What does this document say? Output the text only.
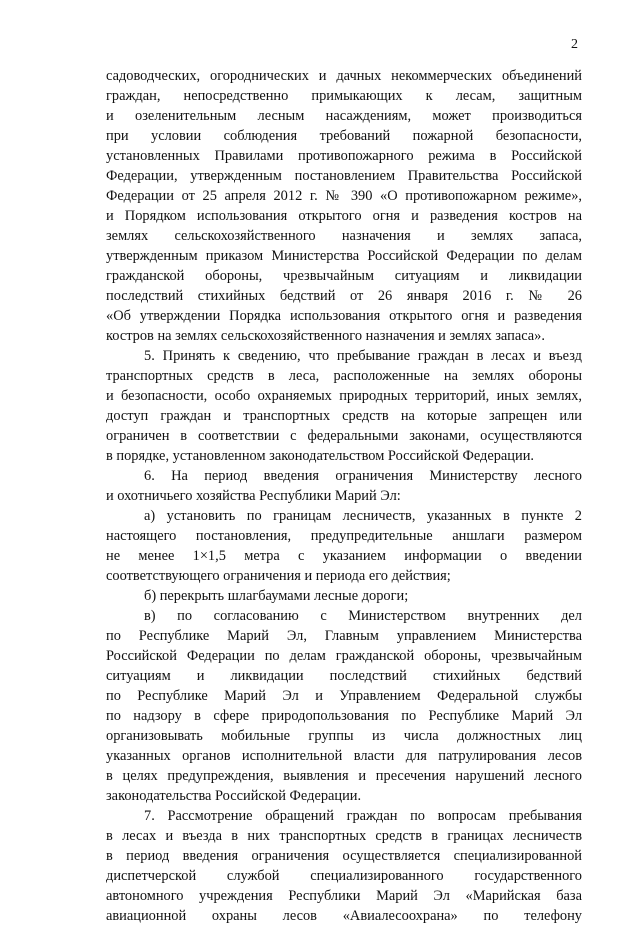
2
садоводческих, огороднических и дачных некоммерческих объединений
граждан, непосредственно примыкающих к лесам, защитным
и озеленительным лесным насаждениям, может производиться
при условии соблюдения требований пожарной безопасности,
установленных Правилами противопожарного режима в Российской
Федерации, утвержденным постановлением Правительства Российской
Федерации от 25 апреля 2012 г. № 390 «О противопожарном режиме»,
и Порядком использования открытого огня и разведения костров на
землях сельскохозяйственного назначения и землях запаса,
утвержденным приказом Министерства Российской Федерации по делам
гражданской обороны, чрезвычайным ситуациям и ликвидации
последствий стихийных бедствий от 26 января 2016 г. № 26
«Об утверждении Порядка использования открытого огня и разведения
костров на землях сельскохозяйственного назначения и землях запаса».
5. Принять к сведению, что пребывание граждан в лесах и въезд
транспортных средств в леса, расположенные на землях обороны
и безопасности, особо охраняемых природных территорий, иных землях,
доступ граждан и транспортных средств на которые запрещен или
ограничен в соответствии с федеральными законами, осуществляются
в порядке, установленном законодательством Российской Федерации.
6. На период введения ограничения Министерству лесного
и охотничьего хозяйства Республики Марий Эл:
а) установить по границам лесничеств, указанных в пункте 2
настоящего постановления, предупредительные аншлаги размером
не менее 1×1,5 метра с указанием информации о введении
соответствующего ограничения и периода его действия;
б) перекрыть шлагбаумами лесные дороги;
в) по согласованию с Министерством внутренних дел
по Республике Марий Эл, Главным управлением Министерства
Российской Федерации по делам гражданской обороны, чрезвычайным
ситуациям и ликвидации последствий стихийных бедствий
по Республике Марий Эл и Управлением Федеральной службы
по надзору в сфере природопользования по Республике Марий Эл
организовывать мобильные группы из числа должностных лиц
указанных органов исполнительной власти для патрулирования лесов
в целях предупреждения, выявления и пресечения нарушений лесного
законодательства Российской Федерации.
7. Рассмотрение обращений граждан по вопросам пребывания
в лесах и въезда в них транспортных средств в границах лесничеств
в период введения ограничения осуществляется специализированной
диспетчерской службой специализированного государственного
автономного учреждения Республики Марий Эл «Марийская база
авиационной охраны лесов «Авиалесоохрана» по телефону
